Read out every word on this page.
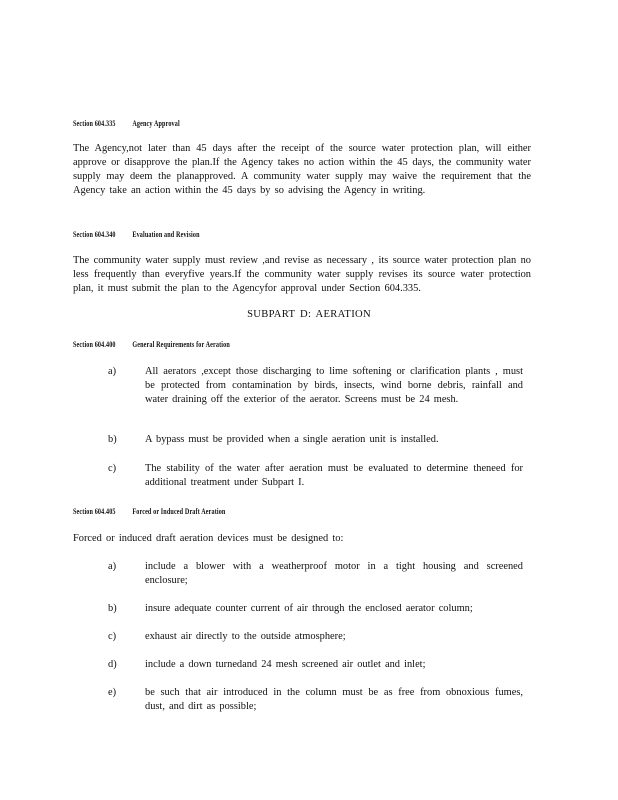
Section 604.335 Agency Approval
The Agency,not later than 45 days after the receipt of the source water protection plan, will either approve or disapprove the plan.If the Agency takes no action within the 45 days, the community water supply may deem the planapproved. A community water supply may waive the requirement that the Agency take an action within the 45 days by so advising the Agency in writing.
Section 604.340 Evaluation and Revision
The community water supply must review ,and revise as necessary , its source water protection plan no less frequently than everyfive years.If the community water supply revises its source water protection plan, it must submit the plan to the Agencyfor approval under Section 604.335.
SUBPART D: AERATION
Section 604.400 General Requirements for Aeration
a)	All aerators ,except those discharging to lime softening or clarification plants , must be protected from contamination by birds, insects, wind borne debris, rainfall and water draining off the exterior of the aerator. Screens must be 24 mesh.
b)	A bypass must be provided when a single aeration unit is installed.
c)	The stability of the water after aeration must be evaluated to determine theneed for additional treatment under Subpart I.
Section 604.405 Forced or Induced Draft Aeration
Forced or induced draft aeration devices must be designed to:
a)	include a blower with a weatherproof motor in a tight housing and screened enclosure;
b)	insure adequate counter current of air through the enclosed aerator column;
c)	exhaust air directly to the outside atmosphere;
d)	include a down turnedand 24 mesh screened air outlet and inlet;
e)	be such that air introduced in the column must be as free from obnoxious fumes, dust, and dirt as possible;
